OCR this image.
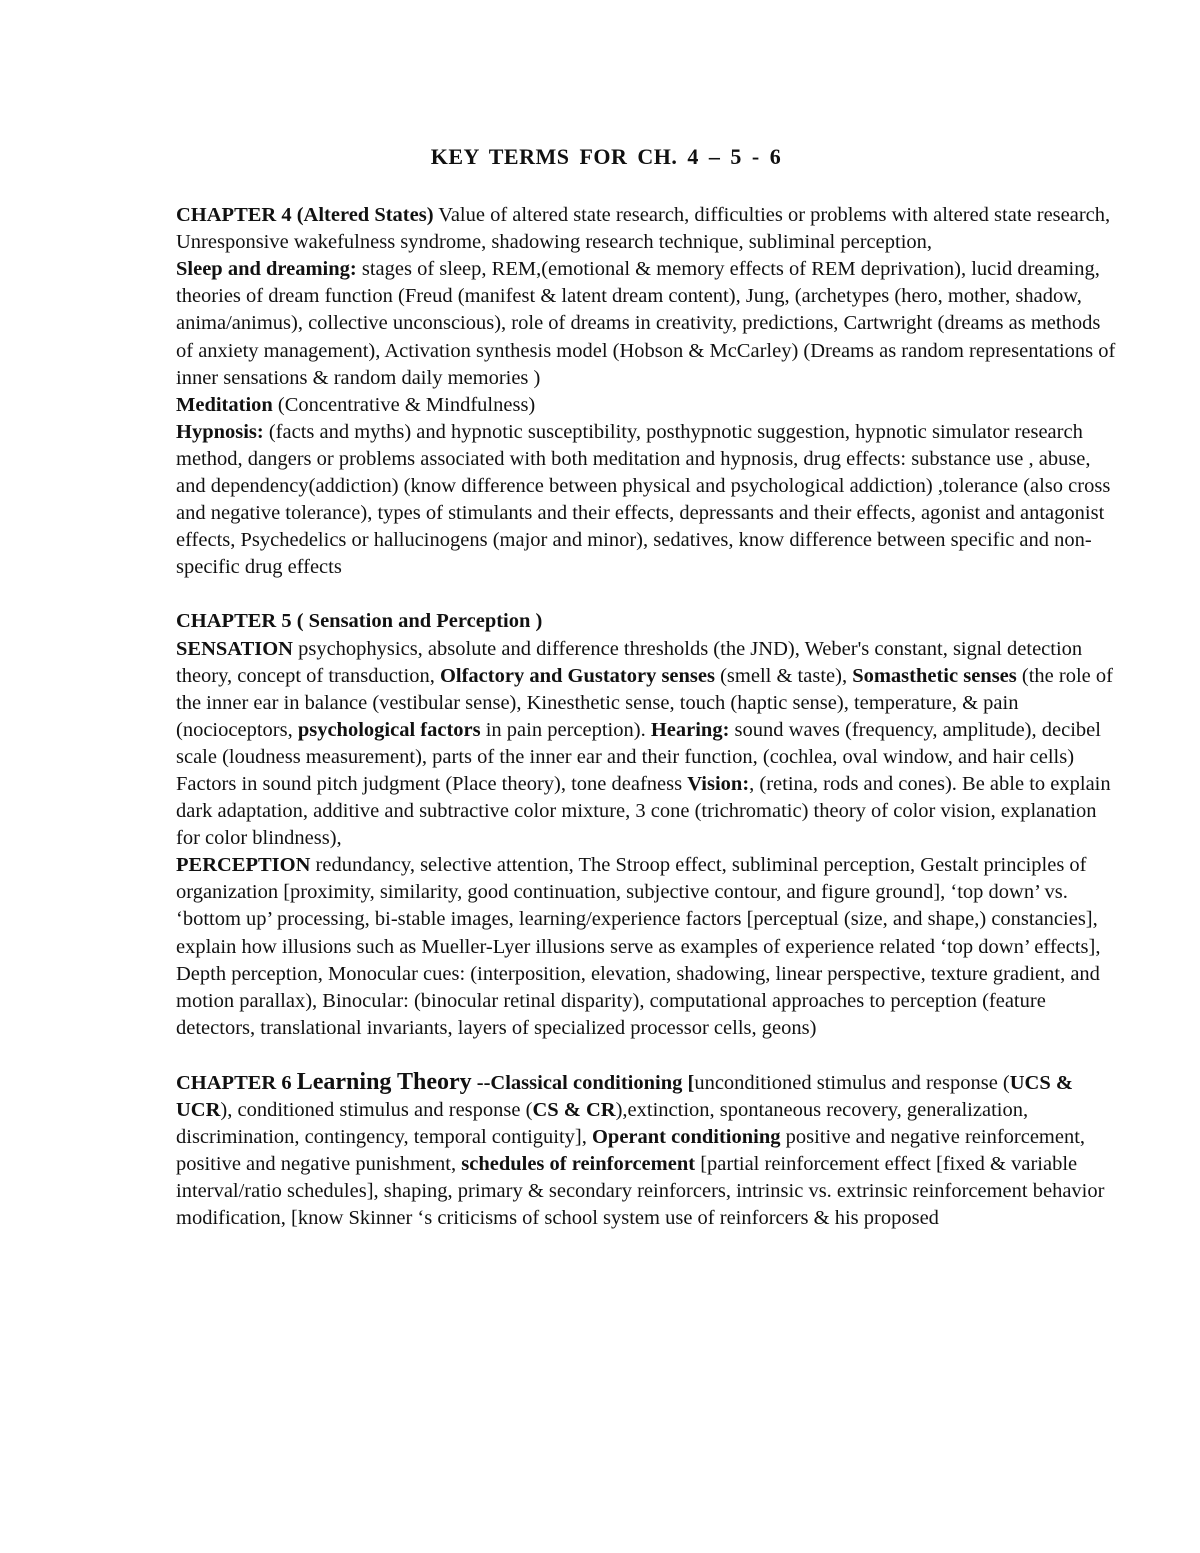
KEY TERMS FOR CH. 4 – 5 - 6

CHAPTER 4 (Altered States) Value of altered state research, difficulties or problems with altered state research, Unresponsive wakefulness syndrome, shadowing research technique, subliminal perception,

Sleep and dreaming: stages of sleep, REM,(emotional & memory effects of REM deprivation), lucid dreaming, theories of dream function (Freud (manifest & latent dream content), Jung, (archetypes (hero, mother, shadow, anima/animus), collective unconscious), role of dreams in creativity, predictions, Cartwright (dreams as methods of anxiety management), Activation synthesis model (Hobson & McCarley) (Dreams as random representations of inner sensations & random daily memories )

Meditation (Concentrative & Mindfulness)

Hypnosis: (facts and myths) and hypnotic susceptibility, posthypnotic suggestion, hypnotic simulator research method, dangers or problems associated with both meditation and hypnosis, drug effects: substance use , abuse, and dependency(addiction) (know difference between physical and psychological addiction) ,tolerance (also cross and negative tolerance), types of stimulants and their effects, depressants and their effects, agonist and antagonist effects, Psychedelics or hallucinogens (major and minor), sedatives, know difference between specific and non-specific drug effects

CHAPTER 5 ( Sensation and Perception )

SENSATION psychophysics, absolute and difference thresholds (the JND), Weber's constant, signal detection theory, concept of transduction, Olfactory and Gustatory senses (smell & taste), Somasthetic senses (the role of the inner ear in balance (vestibular sense), Kinesthetic sense, touch (haptic sense), temperature, & pain (nocioceptors, psychological factors in pain perception). Hearing: sound waves (frequency, amplitude), decibel scale (loudness measurement), parts of the inner ear and their function, (cochlea, oval window, and hair cells) Factors in sound pitch judgment (Place theory), tone deafness Vision:, (retina, rods and cones). Be able to explain dark adaptation, additive and subtractive color mixture, 3 cone (trichromatic) theory of color vision, explanation for color blindness),

PERCEPTION redundancy, selective attention, The Stroop effect, subliminal perception, Gestalt principles of organization [proximity, similarity, good continuation, subjective contour, and figure ground], ‘top down’ vs. ‘bottom up’ processing, bi-stable images, learning/experience factors [perceptual (size, and shape,) constancies], explain how illusions such as Mueller-Lyer illusions serve as examples of experience related ‘top down’ effects], Depth perception, Monocular cues: (interposition, elevation, shadowing, linear perspective, texture gradient, and motion parallax), Binocular: (binocular retinal disparity), computational approaches to perception (feature detectors, translational invariants, layers of specialized processor cells, geons)

CHAPTER 6 Learning Theory --Classical conditioning [unconditioned stimulus and response (UCS & UCR), conditioned stimulus and response (CS & CR),extinction, spontaneous recovery, generalization, discrimination, contingency, temporal contiguity], Operant conditioning positive and negative reinforcement, positive and negative punishment, schedules of reinforcement [partial reinforcement effect [fixed & variable interval/ratio schedules], shaping, primary & secondary reinforcers, intrinsic vs. extrinsic reinforcement behavior modification, [know Skinner ‘s criticisms of school system use of reinforcers & his proposed
